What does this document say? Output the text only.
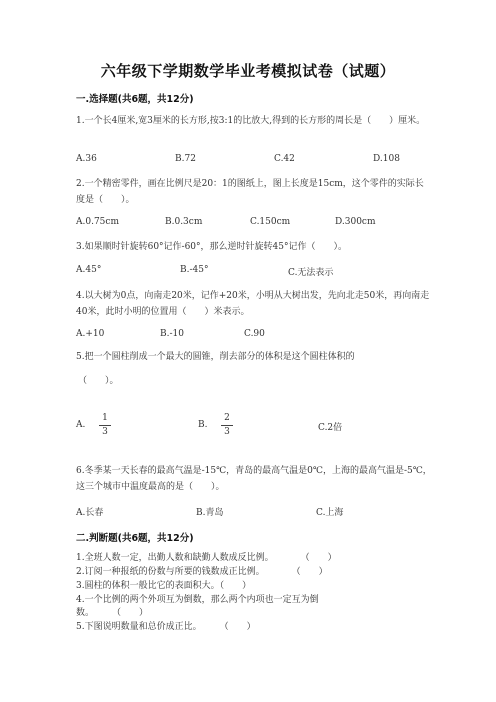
六年级下学期数学毕业考模拟试卷（试题）
一.选择题(共6题，共12分)
1.一个长4厘米,宽3厘米的长方形,按3:1的比放大,得到的长方形的周长是（　　）厘米。
A.36	B.72	C.42	D.108
2.一个精密零件，画在比例尺是20：1的图纸上，图上长度是15cm，这个零件的实际长度是（　　）。
A.0.75cm	B.0.3cm	C.150cm	D.300cm
3.如果顺时针旋转60°记作-60°，那么逆时针旋转45°记作（　　）。
A.45°	B.-45°	C.无法表示
4.以大树为0点，向南走20米，记作+20米，小明从大树出发，先向北走50米，再向南走40米，此时小明的位置用（　　）米表示。
A.+10	B.-10	C.90
5.把一个圆柱削成一个最大的圆锥，削去部分的体积是这个圆柱体积的
（　　）。
A.
1
3
B.
2
3	C.2倍
6.冬季某一天长春的最高气温是-15℃，青岛的最高气温是0℃，上海的最高气温是-5℃，这三个城市中温度最高的是（　　）。
A.长春	B.青岛	C.上海
二.判断题(共6题，共12分)
1.全班人数一定，出勤人数和缺勤人数成反比例。　　　　（　　）
2.订阅一种报纸的份数与所要的钱数成正比例。　　　　（　　）
3.圆柱的体积一般比它的表面积大。（　　）
4.一个比例的两个外项互为倒数，那么两个内项也一定互为倒
数。　　　（　　）
5.下图说明数量和总价成正比。　　　（　　）
